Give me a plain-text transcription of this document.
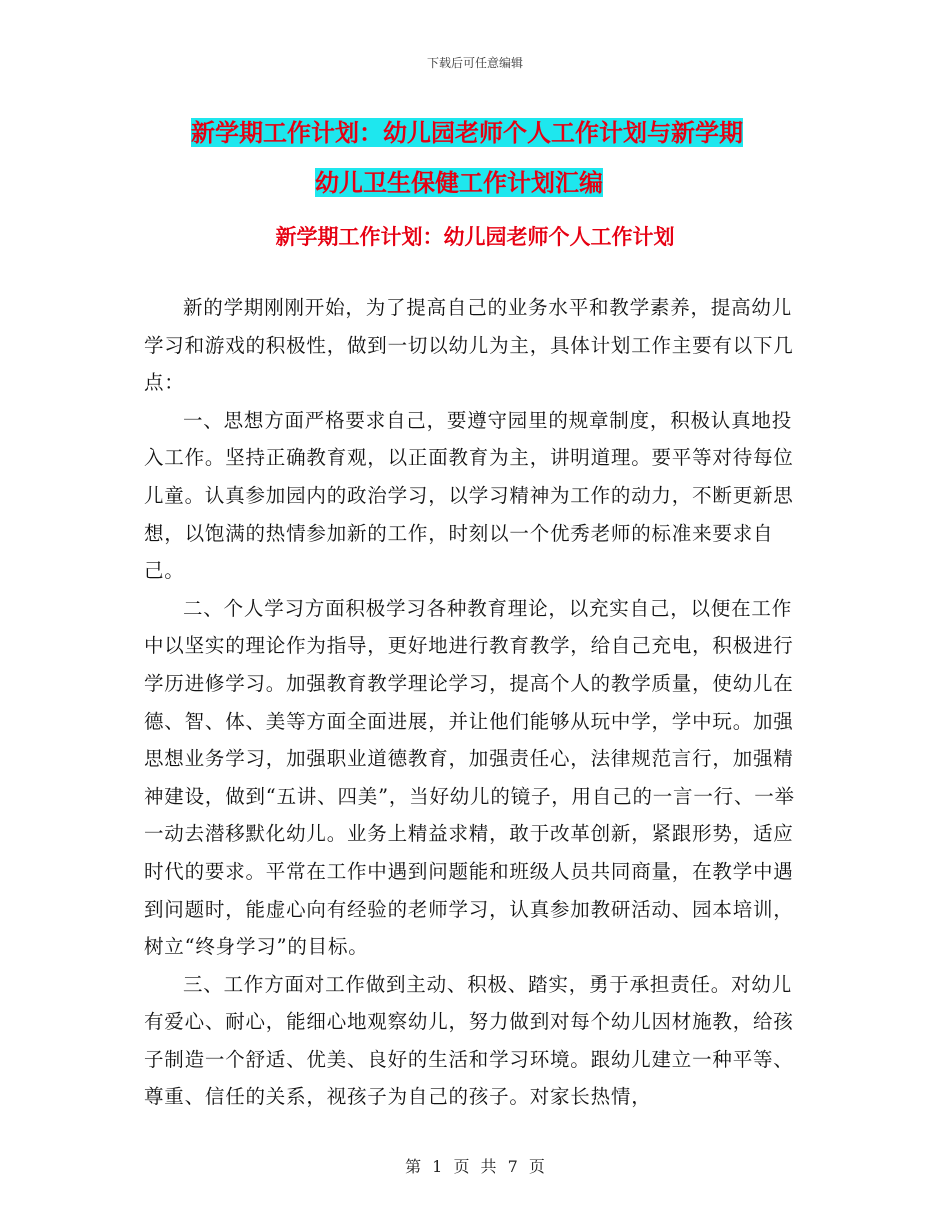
下载后可任意编辑
新学期工作计划：幼儿园老师个人工作计划与新学期
幼儿卫生保健工作计划汇编
新学期工作计划：幼儿园老师个人工作计划

新的学期刚刚开始，为了提高自己的业务水平和教学素养，提高幼儿学习和游戏的积极性，做到一切以幼儿为主，具体计划工作主要有以下几点：

一、思想方面严格要求自己，要遵守园里的规章制度，积极认真地投入工作。坚持正确教育观，以正面教育为主，讲明道理。要平等对待每位儿童。认真参加园内的政治学习，以学习精神为工作的动力，不断更新思想，以饱满的热情参加新的工作，时刻以一个优秀老师的标准来要求自己。

二、个人学习方面积极学习各种教育理论，以充实自己，以便在工作中以坚实的理论作为指导，更好地进行教育教学，给自己充电，积极进行学历进修学习。加强教育教学理论学习，提高个人的教学质量，使幼儿在德、智、体、美等方面全面进展，并让他们能够从玩中学，学中玩。加强思想业务学习，加强职业道德教育，加强责任心，法律规范言行，加强精神建设，做到“五讲、四美”，当好幼儿的镜子，用自己的一言一行、一举一动去潜移默化幼儿。业务上精益求精，敢于改革创新，紧跟形势，适应时代的要求。平常在工作中遇到问题能和班级人员共同商量，在教学中遇到问题时，能虚心向有经验的老师学习，认真参加教研活动、园本培训，树立“终身学习”的目标。

三、工作方面对工作做到主动、积极、踏实，勇于承担责任。对幼儿有爱心、耐心，能细心地观察幼儿，努力做到对每个幼儿因材施教，给孩子制造一个舒适、优美、良好的生活和学习环境。跟幼儿建立一种平等、尊重、信任的关系，视孩子为自己的孩子。对家长热情，

第 1 页 共 7 页
